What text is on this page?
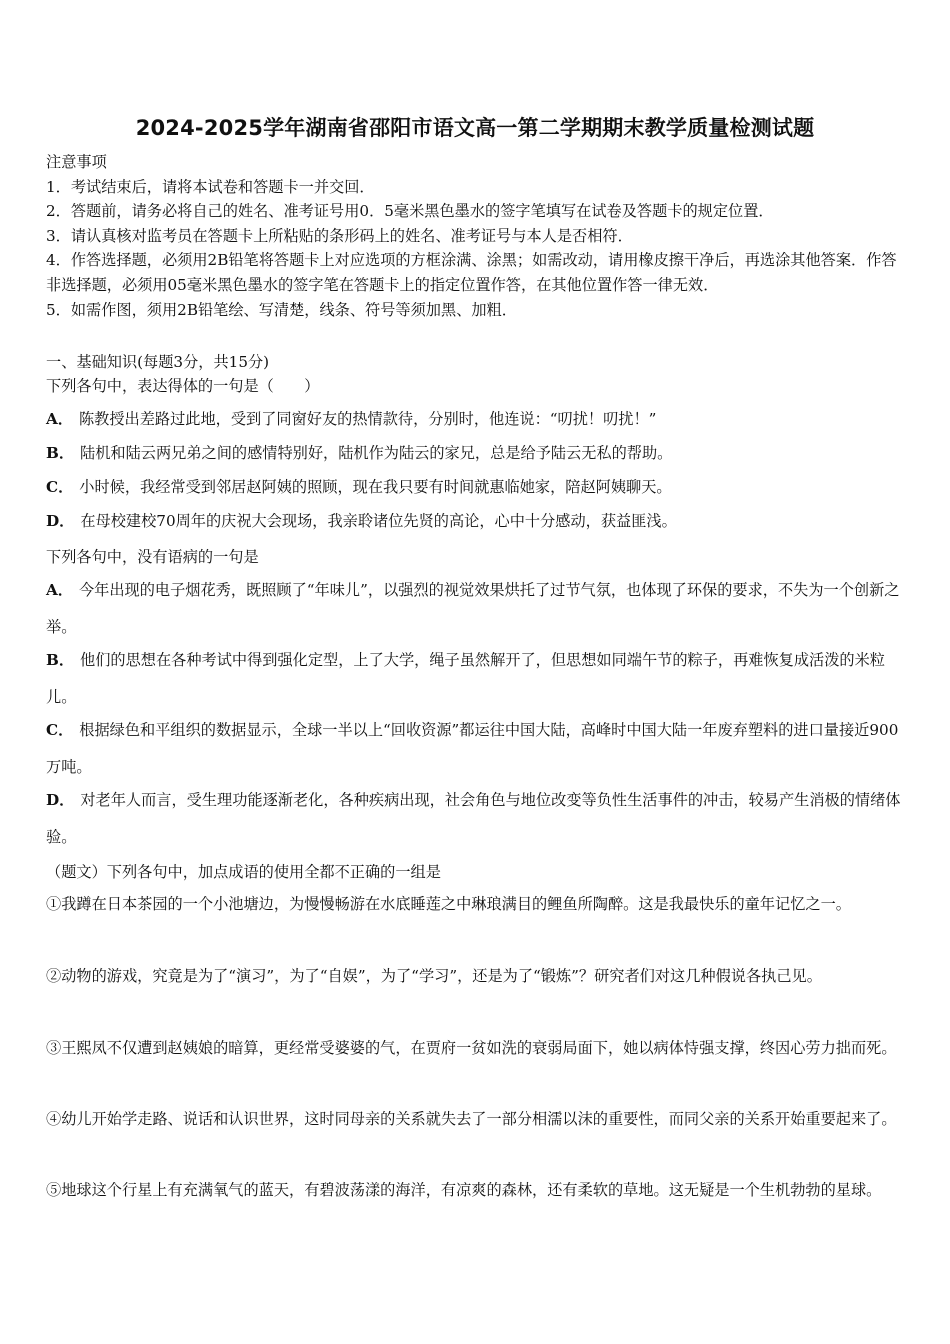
2024-2025学年湖南省邵阳市语文高一第二学期期末教学质量检测试题

注意事项

1．考试结束后，请将本试卷和答题卡一并交回．

2．答题前，请务必将自己的姓名、准考证号用0．5毫米黑色墨水的签字笔填写在试卷及答题卡的规定位置．

3．请认真核对监考员在答题卡上所粘贴的条形码上的姓名、准考证号与本人是否相符．

4．作答选择题，必须用2B铅笔将答题卡上对应选项的方框涂满、涂黑；如需改动，请用橡皮擦干净后，再选涂其他答案．作答非选择题，必须用05毫米黑色墨水的签字笔在答题卡上的指定位置作答，在其他位置作答一律无效．

5．如需作图，须用2B铅笔绘、写清楚，线条、符号等须加黑、加粗．

一、基础知识(每题3分，共15分)
下列各句中，表达得体的一句是（　　）
A． 陈教授出差路过此地，受到了同窗好友的热情款待，分别时，他连说：“叨扰！叨扰！”
B． 陆机和陆云两兄弟之间的感情特别好，陆机作为陆云的家兄，总是给予陆云无私的帮助。
C． 小时候，我经常受到邻居赵阿姨的照顾，现在我只要有时间就惠临她家，陪赵阿姨聊天。
D． 在母校建校70周年的庆祝大会现场，我亲聆诸位先贤的高论，心中十分感动，获益匪浅。
下列各句中，没有语病的一句是
A． 今年出现的电子烟花秀，既照顾了“年味儿”，以强烈的视觉效果烘托了过节气氛，也体现了环保的要求，不失为一个创新之举。
B． 他们的思想在各种考试中得到强化定型，上了大学，绳子虽然解开了，但思想如同端午节的粽子，再难恢复成活泼的米粒儿。
C． 根据绿色和平组织的数据显示，全球一半以上“回收资源”都运往中国大陆，高峰时中国大陆一年废弃塑料的进口量接近900万吨。
D． 对老年人而言，受生理功能逐渐老化，各种疾病出现，社会角色与地位改变等负性生活事件的冲击，较易产生消极的情绪体验。
（题文）下列各句中，加点成语的使用全都不正确的一组是
①我蹲在日本茶园的一个小池塘边，为慢慢畅游在水底睡莲之中琳琅满目的鲤鱼所陶醉。这是我最快乐的童年记忆之一。
②动物的游戏，究竟是为了“演习”，为了“自娱”，为了“学习”，还是为了“锻炼”？研究者们对这几种假说各执己见。
③王熙凤不仅遭到赵姨娘的暗算，更经常受婆婆的气，在贾府一贫如洗的衰弱局面下，她以病体恃强支撑，终因心劳力拙而死。
④幼儿开始学走路、说话和认识世界，这时同母亲的关系就失去了一部分相濡以沫的重要性，而同父亲的关系开始重要起来了。
⑤地球这个行星上有充满氧气的蓝天，有碧波荡漾的海洋，有凉爽的森林，还有柔软的草地。这无疑是一个生机勃勃的星球。
